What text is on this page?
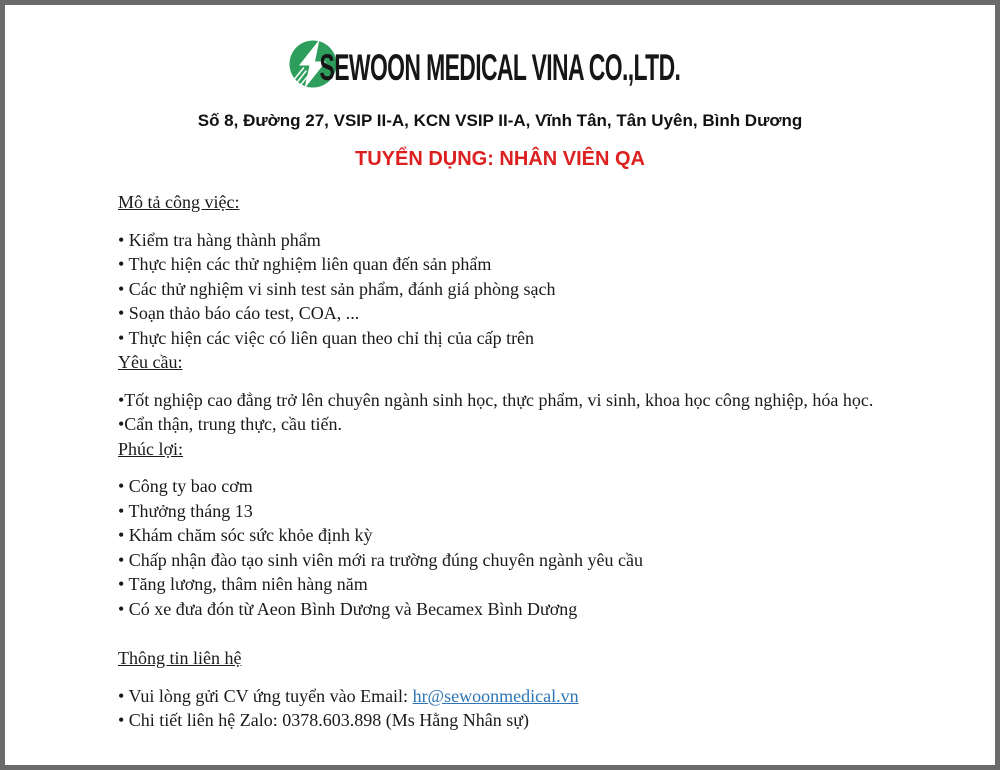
SEWOON MEDICAL VINA CO.,LTD.
Số 8, Đường 27, VSIP II-A, KCN VSIP II-A, Vĩnh Tân, Tân Uyên, Bình Dương
TUYỂN DỤNG: NHÂN VIÊN QA

Mô tả công việc:

• Kiểm tra hàng thành phẩm

• Thực hiện các thử nghiệm liên quan đến sản phẩm

• Các thử nghiệm vi sinh test sản phẩm, đánh giá phòng sạch

• Soạn thảo báo cáo test, COA, ...

• Thực hiện các việc có liên quan theo chỉ thị của cấp trên

Yêu cầu:

•Tốt nghiệp cao đẳng trở lên chuyên ngành sinh học, thực phẩm, vi sinh, khoa học công nghiệp, hóa học.

•Cẩn thận, trung thực, cầu tiến.

Phúc lợi:

• Công ty bao cơm

• Thưởng tháng 13

• Khám chăm sóc sức khỏe định kỳ

• Chấp nhận đào tạo sinh viên mới ra trường đúng chuyên ngành yêu cầu

• Tăng lương, thâm niên hàng năm

• Có xe đưa đón từ Aeon Bình Dương và Becamex Bình Dương

Thông tin liên hệ

• Vui lòng gửi CV ứng tuyển vào Email: hr@sewoonmedical.vn

• Chi tiết liên hệ Zalo: 0378.603.898 (Ms Hằng Nhân sự)
